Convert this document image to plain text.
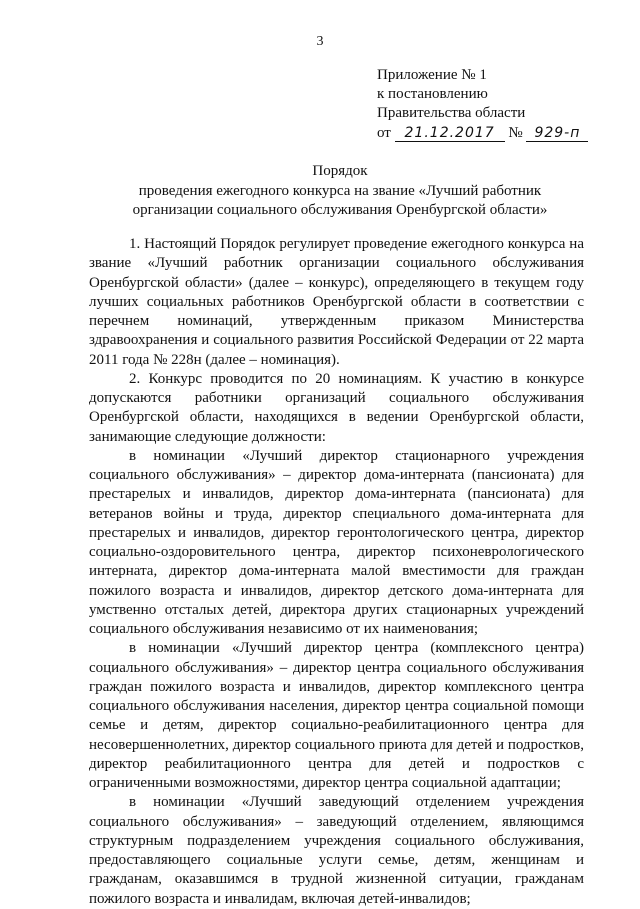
3
Приложение № 1
к постановлению
Правительства области
от 21.12.2017 № 929-п
Порядок
проведения ежегодного конкурса на звание «Лучший работник
организации социального обслуживания Оренбургской области»

1. Настоящий Порядок регулирует проведение ежегодного конкурса на звание «Лучший работник организации социального обслуживания Оренбургской области» (далее – конкурс), определяющего в текущем году лучших социальных работников Оренбургской области в соответствии с перечнем номинаций, утвержденным приказом Министерства здравоохранения и социального развития Российской Федерации от 22 марта 2011 года № 228н (далее – номинация).

2. Конкурс проводится по 20 номинациям. К участию в конкурсе допускаются работники организаций социального обслуживания Оренбургской области, находящихся в ведении Оренбургской области, занимающие следующие должности:

в номинации «Лучший директор стационарного учреждения социального обслуживания» – директор дома-интерната (пансионата) для престарелых и инвалидов, директор дома-интерната (пансионата) для ветеранов войны и труда, директор специального дома-интерната для престарелых и инвалидов, директор геронтологического центра, директор социально-оздоровительного центра, директор психоневрологического интерната, директор дома-интерната малой вместимости для граждан пожилого возраста и инвалидов, директор детского дома-интерната для умственно отсталых детей, директора других стационарных учреждений социального обслуживания независимо от их наименования;

в номинации «Лучший директор центра (комплексного центра) социального обслуживания» – директор центра социального обслуживания граждан пожилого возраста и инвалидов, директор комплексного центра социального обслуживания населения, директор центра социальной помощи семье и детям, директор социально-реабилитационного центра для несовершеннолетних, директор социального приюта для детей и подростков, директор реабилитационного центра для детей и подростков с ограниченными возможностями, директор центра социальной адаптации;

в номинации «Лучший заведующий отделением учреждения социального обслуживания» – заведующий отделением, являющимся структурным подразделением учреждения социального обслуживания, предоставляющего социальные услуги семье, детям, женщинам и гражданам, оказавшимся в трудной жизненной ситуации, гражданам пожилого возраста и инвалидам, включая детей-инвалидов;
